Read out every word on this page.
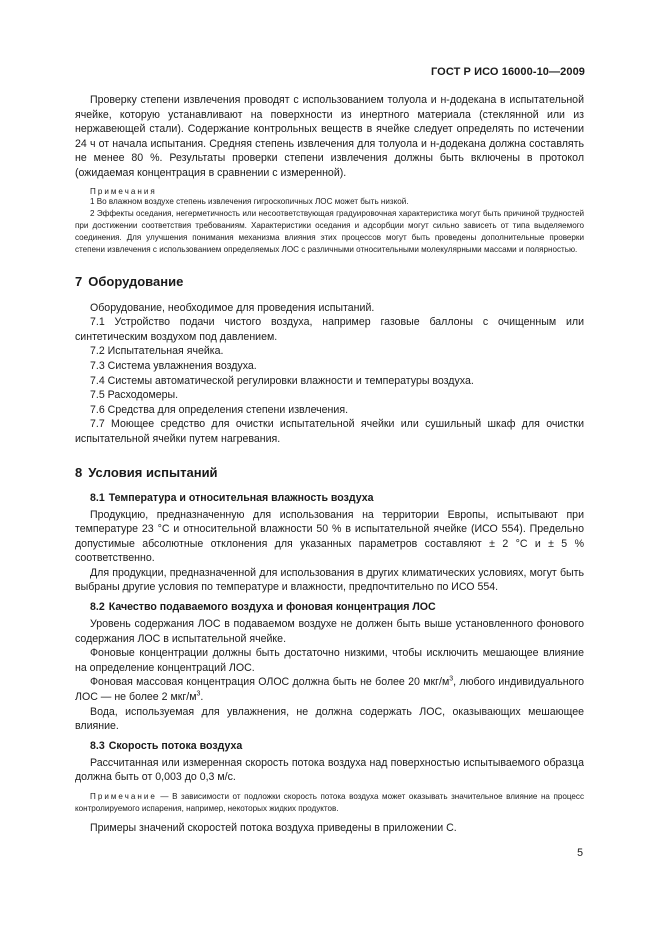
ГОСТ Р ИСО 16000-10—2009

Проверку степени извлечения проводят с использованием толуола и н-додекана в испытательной ячейке, которую устанавливают на поверхности из инертного материала (стеклянной или из нержавеющей стали). Содержание контрольных веществ в ячейке следует определять по истечении 24 ч от начала испытания. Средняя степень извлечения для толуола и н-додекана должна составлять не менее 80 %. Результаты проверки степени извлечения должны быть включены в протокол (ожидаемая концентрация в сравнении с измеренной).

Примечания

1 Во влажном воздухе степень извлечения гигроскопичных ЛОС может быть низкой.

2 Эффекты оседания, негерметичность или несоответствующая градуировочная характеристика могут быть причиной трудностей при достижении соответствия требованиям. Характеристики оседания и адсорбции могут сильно зависеть от типа выделяемого соединения. Для улучшения понимания механизма влияния этих процессов могут быть проведены дополнительные проверки степени извлечения с использованием определяемых ЛОС с различными относительными молекулярными массами и полярностью.

7 Оборудование

Оборудование, необходимое для проведения испытаний.

7.1 Устройство подачи чистого воздуха, например газовые баллоны с очищенным или синтетическим воздухом под давлением.

7.2 Испытательная ячейка.

7.3 Система увлажнения воздуха.

7.4 Системы автоматической регулировки влажности и температуры воздуха.

7.5 Расходомеры.

7.6 Средства для определения степени извлечения.

7.7 Моющее средство для очистки испытательной ячейки или сушильный шкаф для очистки испытательной ячейки путем нагревания.

8 Условия испытаний
8.1 Температура и относительная влажность воздуха

Продукцию, предназначенную для использования на территории Европы, испытывают при температуре 23 °С и относительной влажности 50 % в испытательной ячейке (ИСО 554). Предельно допустимые абсолютные отклонения для указанных параметров составляют ± 2 °С и ± 5 % соответственно.

Для продукции, предназначенной для использования в других климатических условиях, могут быть выбраны другие условия по температуре и влажности, предпочтительно по ИСО 554.

8.2 Качество подаваемого воздуха и фоновая концентрация ЛОС

Уровень содержания ЛОС в подаваемом воздухе не должен быть выше установленного фонового содержания ЛОС в испытательной ячейке.

Фоновые концентрации должны быть достаточно низкими, чтобы исключить мешающее влияние на определение концентраций ЛОС.

Фоновая массовая концентрация ОЛОС должна быть не более 20 мкг/$м^3$, любого индивидуального ЛОС — не более 2 мкг/$м^3$.

Вода, используемая для увлажнения, не должна содержать ЛОС, оказывающих мешающее влияние.

8.3 Скорость потока воздуха

Рассчитанная или измеренная скорость потока воздуха над поверхностью испытываемого образца должна быть от 0,003 до 0,3 м/с.

Примечание — В зависимости от подложки скорость потока воздуха может оказывать значительное влияние на процесс контролируемого испарения, например, некоторых жидких продуктов.

Примеры значений скоростей потока воздуха приведены в приложении С.

5
